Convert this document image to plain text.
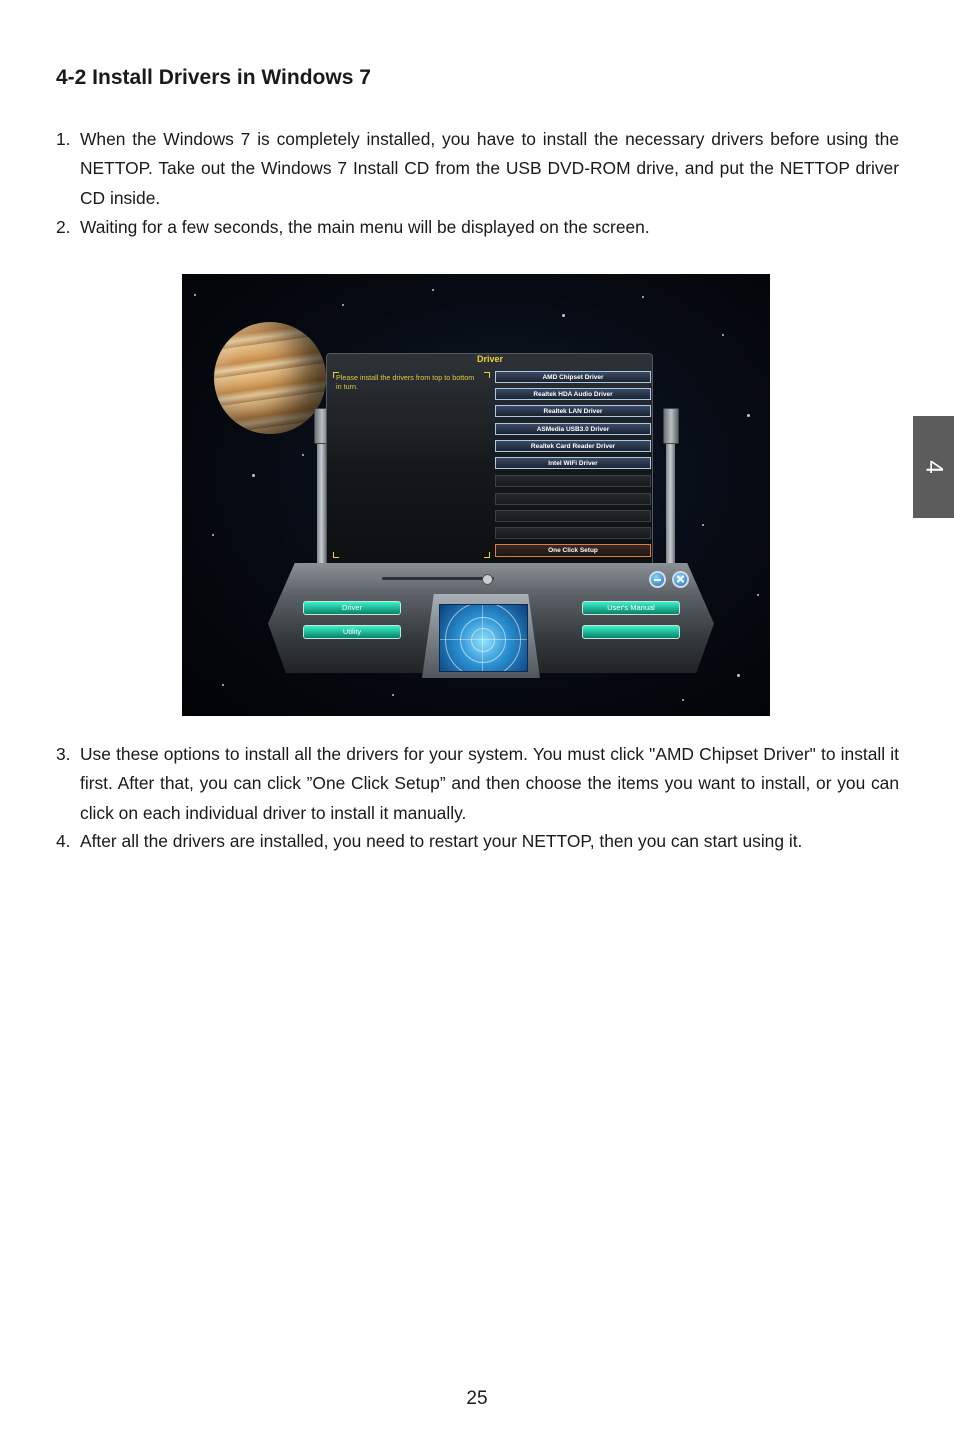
4-2 Install Drivers in Windows 7
1. When the Windows 7 is completely installed, you have to install the necessary drivers before using the NETTOP. Take out the Windows 7 Install CD from the USB DVD-ROM drive, and put the NETTOP driver CD inside.
2. Waiting for a few seconds, the main menu will be displayed on the screen.
Driver
Please install the drivers from top to bottom in turn.
AMD Chipset Driver
Realtek HDA Audio Driver
Realtek LAN Driver
ASMedia USB3.0 Driver
Realtek Card Reader Driver
Intel WiFi Driver
One Click Setup
Driver
Utility
User's Manual
3. Use these options to install all the drivers for your system. You must click "AMD Chipset Driver" to install it first. After that, you can click ”One Click Setup” and then choose the items you want to install, or you can click on each individual driver to install it manually.
4. After all the drivers are installed, you need to restart your NETTOP, then you can start using it.
4
25
